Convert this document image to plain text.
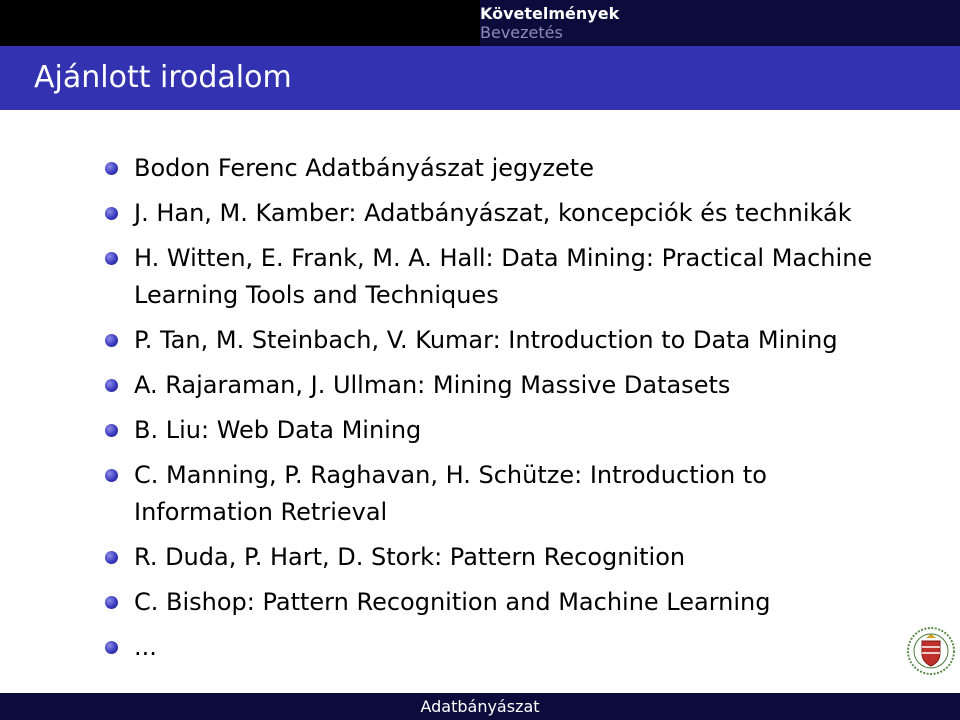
Követelmények
Bevezetés
Ajánlott irodalom
Bodon Ferenc Adatbányászat jegyzete
J. Han, M. Kamber: Adatbányászat, koncepciók és technikák
H. Witten, E. Frank, M. A. Hall: Data Mining: Practical Machine Learning Tools and Techniques
P. Tan, M. Steinbach, V. Kumar: Introduction to Data Mining
A. Rajaraman, J. Ullman: Mining Massive Datasets
B. Liu: Web Data Mining
C. Manning, P. Raghavan, H. Schütze: Introduction to Information Retrieval
R. Duda, P. Hart, D. Stork: Pattern Recognition
C. Bishop: Pattern Recognition and Machine Learning
...
Adatbányászat
